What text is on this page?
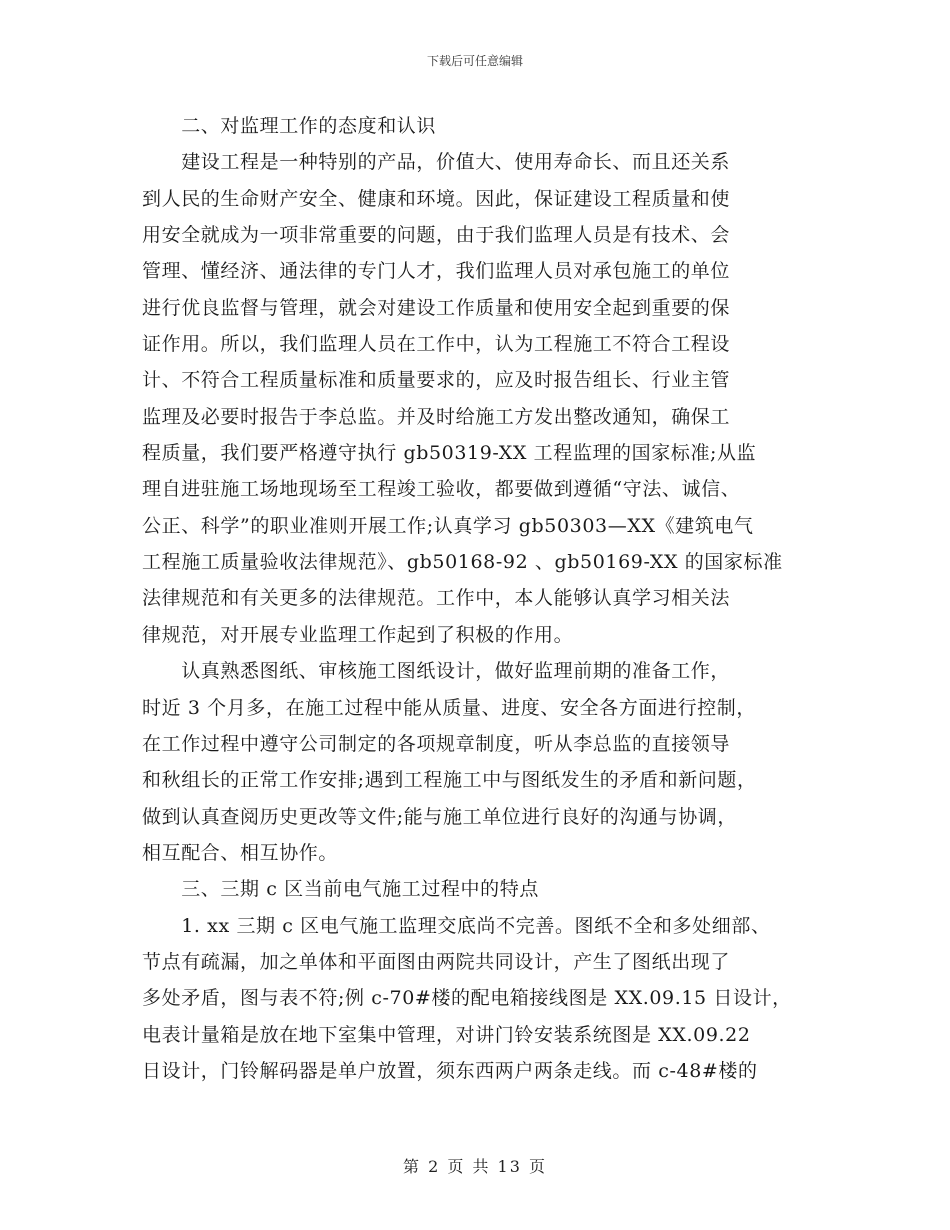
下载后可任意编辑
　　二、对监理工作的态度和认识
　　建设工程是一种特别的产品，价值大、使用寿命长、而且还关系
到人民的生命财产安全、健康和环境。因此，保证建设工程质量和使
用安全就成为一项非常重要的问题，由于我们监理人员是有技术、会
管理、懂经济、通法律的专门人才，我们监理人员对承包施工的单位
进行优良监督与管理，就会对建设工作质量和使用安全起到重要的保
证作用。所以，我们监理人员在工作中，认为工程施工不符合工程设
计、不符合工程质量标准和质量要求的，应及时报告组长、行业主管
监理及必要时报告于李总监。并及时给施工方发出整改通知，确保工
程质量，我们要严格遵守执行 gb50319-XX 工程监理的国家标准;从监
理自进驻施工场地现场至工程竣工验收，都要做到遵循“守法、诚信、
公正、科学”的职业准则开展工作;认真学习 gb50303—XX《建筑电气
工程施工质量验收法律规范》、gb50168-92 、gb50169-XX 的国家标准
法律规范和有关更多的法律规范。工作中，本人能够认真学习相关法
律规范，对开展专业监理工作起到了积极的作用。
　　认真熟悉图纸、审核施工图纸设计，做好监理前期的准备工作，
时近 3 个月多，在施工过程中能从质量、进度、安全各方面进行控制，
在工作过程中遵守公司制定的各项规章制度，听从李总监的直接领导
和秋组长的正常工作安排;遇到工程施工中与图纸发生的矛盾和新问题，
做到认真查阅历史更改等文件;能与施工单位进行良好的沟通与协调，
相互配合、相互协作。
　　三、三期 c 区当前电气施工过程中的特点
　　1. xx 三期 c 区电气施工监理交底尚不完善。图纸不全和多处细部、
节点有疏漏，加之单体和平面图由两院共同设计，产生了图纸出现了
多处矛盾，图与表不符;例 c-70#楼的配电箱接线图是 XX.09.15 日设计，
电表计量箱是放在地下室集中管理，对讲门铃安装系统图是 XX.09.22
日设计，门铃解码器是单户放置，须东西两户两条走线。而 c-48#楼的
第 2 页 共 13 页
